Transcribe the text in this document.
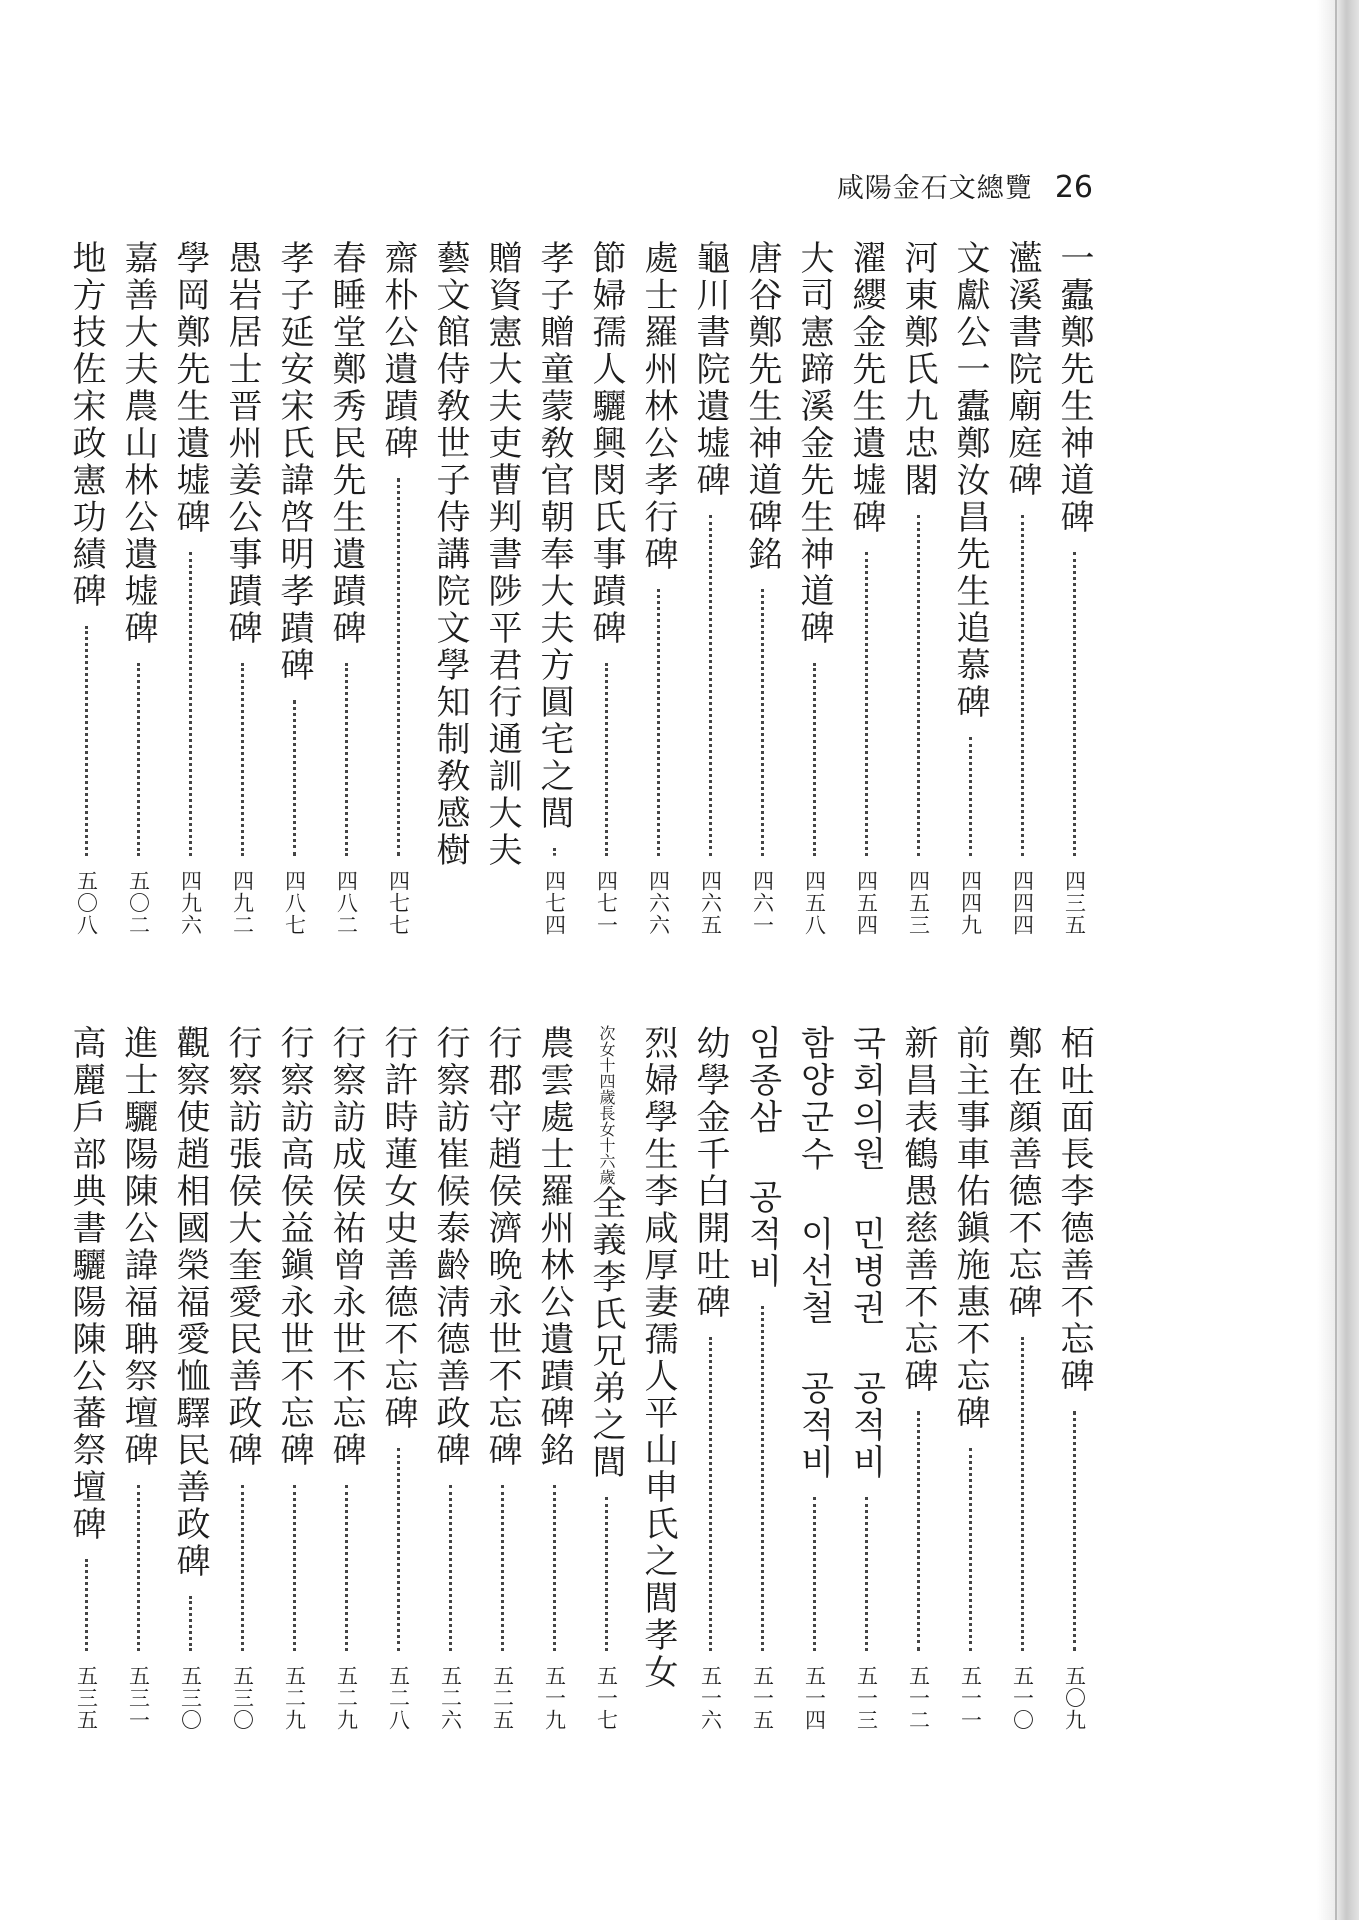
咸陽金石文總覽 26
一蠹鄭先生神道碑
四三五
灆溪書院廟庭碑
四四四
文獻公一蠹鄭汝昌先生追慕碑
四四九
河東鄭氏九忠閣
四五三
濯纓金先生遺墟碑
四五四
大司憲蹄溪金先生神道碑
四五八
唐谷鄭先生神道碑銘
四六一
龜川書院遺墟碑
四六五
處士羅州林公孝行碑
四六六
節婦孺人驪興閔氏事蹟碑
四七一
孝子贈童蒙敎官朝奉大夫方圓宅之閭
四七四
贈資憲大夫吏曹判書陟平君行通訓大夫
藝文館侍敎世子侍講院文學知制敎感樹
齋朴公遺蹟碑
四七七
春睡堂鄭秀民先生遺蹟碑
四八二
孝子延安宋氏諱啓明孝蹟碑
四八七
愚岩居士晋州姜公事蹟碑
四九二
學岡鄭先生遺墟碑
四九六
嘉善大夫農山林公遺墟碑
五〇二
地方技佐宋政憲功績碑
五〇八
栢吐面長李德善不忘碑
五〇九
鄭在顔善德不忘碑
五一〇
前主事車佑鎭施惠不忘碑
五一一
新昌表鶴愚慈善不忘碑
五一二
국회의원 민병권 공적비
五一三
함양군수 이선철 공적비
五一四
임종삼 공적비
五一五
幼學金千白開吐碑
五一六
烈婦學生李咸厚妻孺人平山申氏之閭孝女
長女十六歲
次女十四歲
全義李氏兄弟之閭
五一七
農雲處士羅州林公遺蹟碑銘
五一九
行郡守趙侯濟晩永世不忘碑
五二五
行察訪崔候泰齡淸德善政碑
五二六
行許時蓮女史善德不忘碑
五二八
行察訪成侯祐曾永世不忘碑
五二九
行察訪高侯益鎭永世不忘碑
五二九
行察訪張侯大奎愛民善政碑
五三〇
觀察使趙相國榮福愛恤驛民善政碑
五三〇
進士驪陽陳公諱福聃祭壇碑
五三一
高麗戶部典書驪陽陳公蕃祭壇碑
五三五
